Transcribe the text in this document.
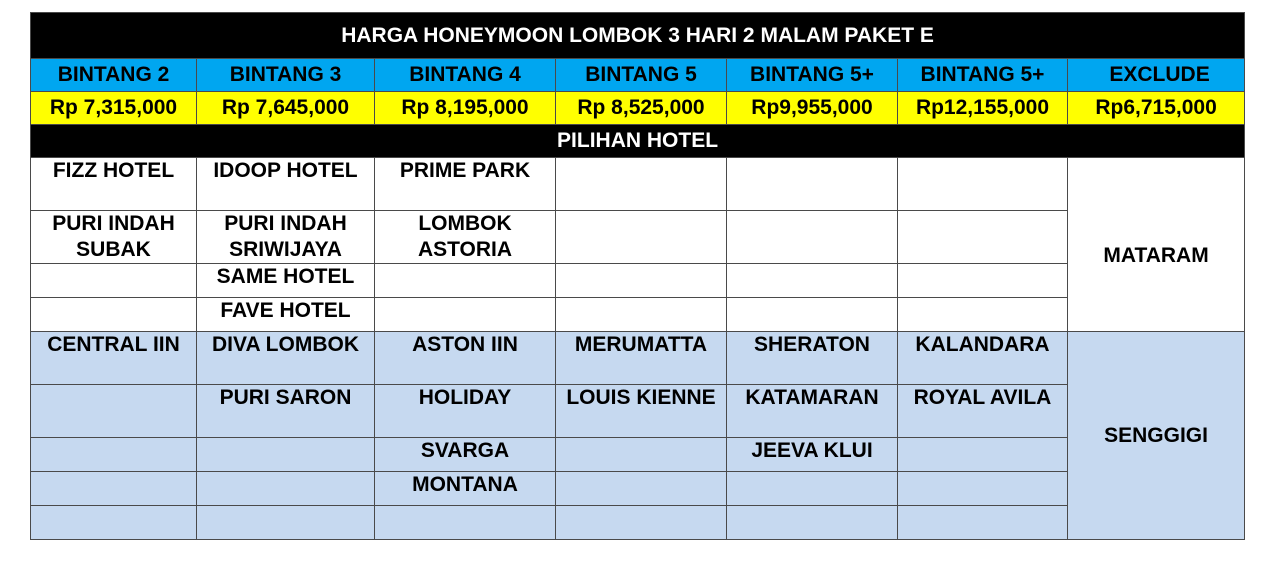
HARGA HONEYMOON LOMBOK 3 HARI 2 MALAM PAKET E						
BINTANG 2	BINTANG 3	BINTANG 4	BINTANG 5	BINTANG 5+	BINTANG 5+	EXCLUDE
Rp 7,315,000	Rp 7,645,000	Rp 8,195,000	Rp 8,525,000	Rp9,955,000	Rp12,155,000	Rp6,715,000
PILIHAN HOTEL						
FIZZ HOTEL	IDOOP HOTEL	PRIME PARK				MATARAM
PURI INDAH SUBAK	PURI INDAH SRIWIJAYA	LOMBOK ASTORIA				
	SAME HOTEL					
	FAVE HOTEL					
CENTRAL IIN	DIVA LOMBOK	ASTON IIN	MERUMATTA	SHERATON	KALANDARA	SENGGIGI
	PURI SARON	HOLIDAY	LOUIS KIENNE	KATAMARAN	ROYAL AVILA	
		SVARGA		JEEVA KLUI		
		MONTANA				
